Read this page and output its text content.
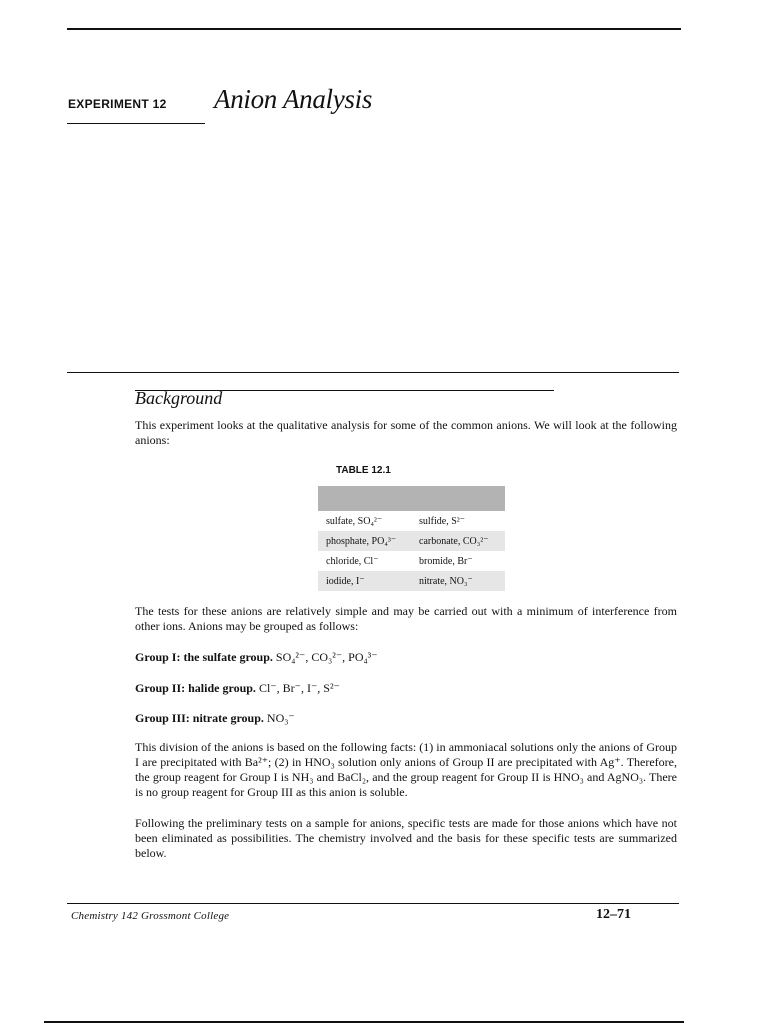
EXPERIMENT 12 Anion Analysis
Background
This experiment looks at the qualitative analysis for some of the common anions. We will look at the following anions:
TABLE 12.1

sulfate, SO₄²⁻	sulfide, S²⁻
phosphate, PO₄³⁻	carbonate, CO₃²⁻
chloride, Cl⁻	bromide, Br⁻
iodide, I⁻	nitrate, NO₃⁻
The tests for these anions are relatively simple and may be carried out with a minimum of interference from other ions. Anions may be grouped as follows:
Group I: the sulfate group. SO₄²⁻, CO₃²⁻, PO₄³⁻
Group II: halide group. Cl⁻, Br⁻, I⁻, S²⁻
Group III: nitrate group. NO₃⁻
This division of the anions is based on the following facts: (1) in ammoniacal solutions only the anions of Group I are precipitated with Ba²⁺; (2) in HNO₃ solution only anions of Group II are precipitated with Ag⁺. Therefore, the group reagent for Group I is NH₃ and BaCl₂, and the group reagent for Group II is HNO₃ and AgNO₃. There is no group reagent for Group III as this anion is soluble.
Following the preliminary tests on a sample for anions, specific tests are made for those anions which have not been eliminated as possibilities. The chemistry involved and the basis for these specific tests are summarized below.
Chemistry 142 Grossmont College	12–71
